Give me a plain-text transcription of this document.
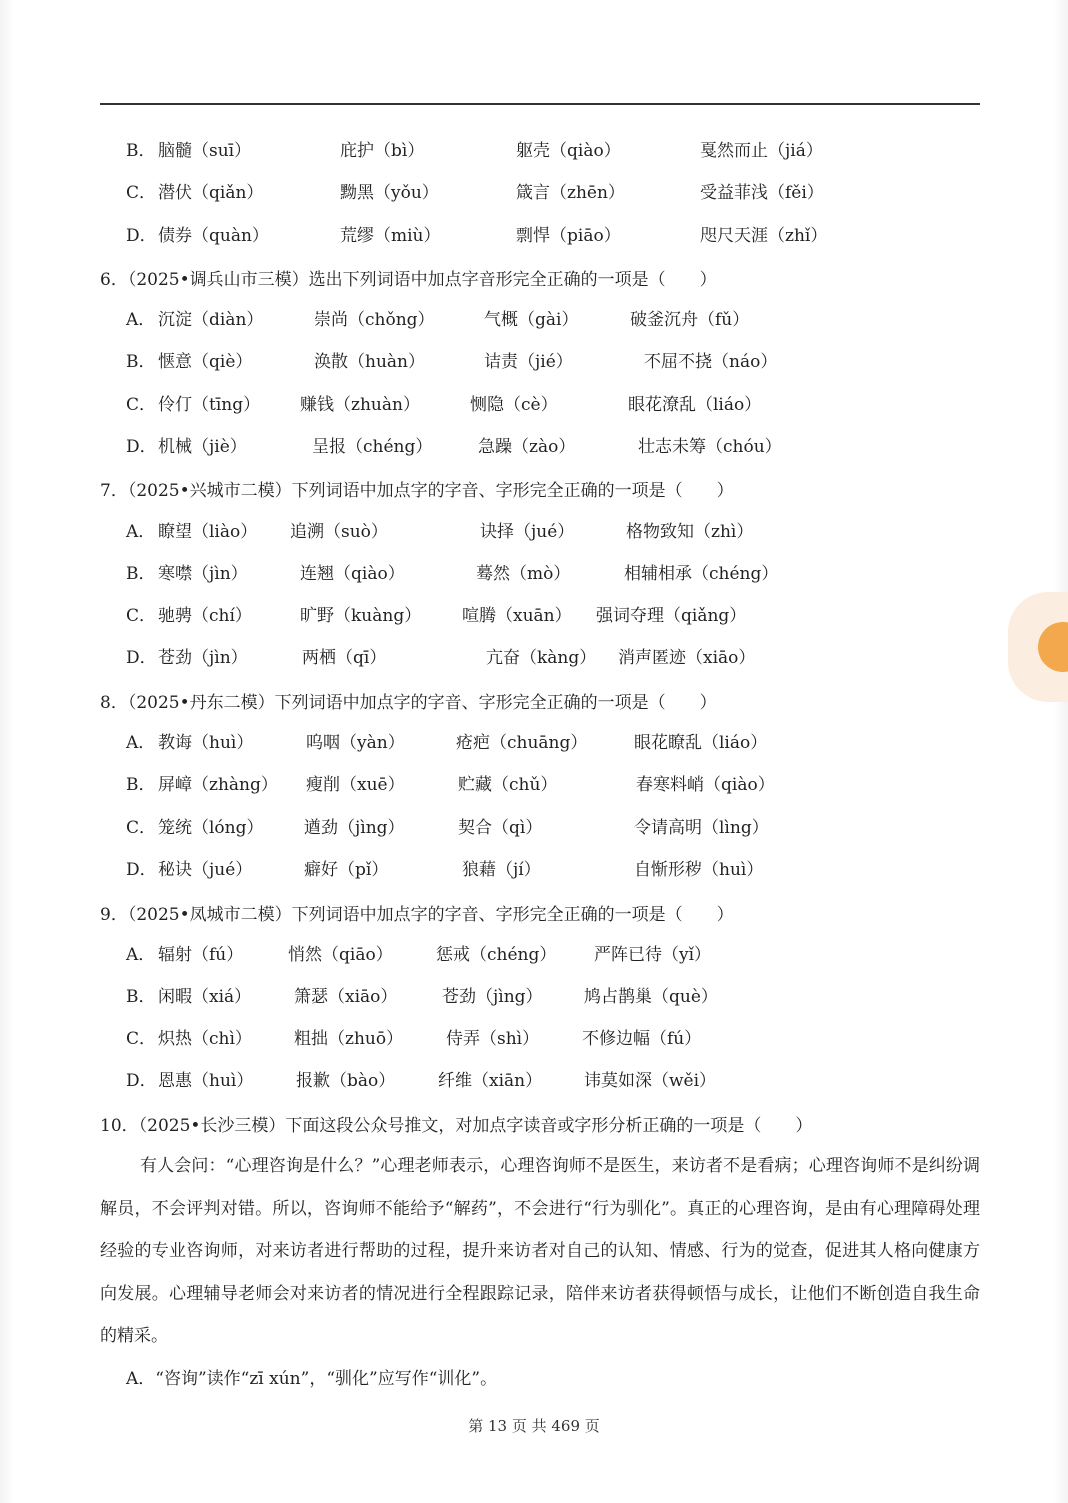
B． 脑髓（suī）	庇护（bì）	躯壳（qiào）	戛然而止（jiá）
C． 潜伏（qiǎn）	黝黑（yǒu）	箴言（zhēn）	受益菲浅（fěi）
D． 债券（quàn）	荒缪（miù）	剽悍（piāo）	咫尺天涯（zhǐ）
6．（2025•调兵山市三模）选出下列词语中加点字音形完全正确的一项是（　　）
A． 沉淀（diàn）	崇尚（chǒng）	气概（gài）	破釜沉舟（fǔ）
B． 惬意（qiè）	涣散（huàn）	诘责（jié）	不屈不挠（náo）
C． 伶仃（tīng） 赚钱（zhuàn）	恻隐（cè）	眼花潦乱（liáo）
D． 机械（jiè）	呈报（chéng）	急躁（zào）	壮志未筹（chóu）
7．（2025•兴城市二模）下列词语中加点字的字音、字形完全正确的一项是（　　）
A． 瞭望（liào） 追溯（suò）	诀择（jué）	格物致知（zhì）
B． 寒噤（jìn）	连翘（qiào）	蓦然（mò）	相辅相承（chéng）
C． 驰骋（chí）	旷野（kuàng） 喧腾（xuān） 强词夺理（qiǎng）
D． 苍劲（jìn）	两栖（qī）	亢奋（kàng） 消声匿迹（xiāo）
8．（2025•丹东二模）下列词语中加点字的字音、字形完全正确的一项是（　　）
A． 教诲（huì）	呜咽（yàn）	疮疤（chuāng）	眼花瞭乱（liáo）
B． 屏嶂（zhàng） 瘦削（xuē）	贮藏（chǔ）	春寒料峭（qiào）
C． 笼统（lóng） 遒劲（jìng）	契合（qì）	令请高明（lìng）
D． 秘诀（jué）	癖好（pǐ）	狼藉（jí）	自惭形秽（huì）
9．（2025•凤城市二模）下列词语中加点字的字音、字形完全正确的一项是（　　）
A． 辐射（fú）	悄然（qiāo）	惩戒（chéng） 严阵已待（yǐ）
B． 闲暇（xiá）	箫瑟（xiāo）	苍劲（jìng） 鸠占鹊巢（què）
C． 炽热（chì） 粗拙（zhuō）	侍弄（shì）	不修边幅（fú）
D． 恩惠（huì）	报歉（bào）	纤维（xiān） 讳莫如深（wěi）
10．（2025•长沙三模）下面这段公众号推文，对加点字读音或字形分析正确的一项是（　　）
有人会问：“心理咨询是什么？”心理老师表示，心理咨询师不是医生，来访者不是看病；心理咨询师不是纠纷调解员，不会评判对错。所以，咨询师不能给予“解药”，不会进行“行为驯化”。真正的心理咨询，是由有心理障碍处理经验的专业咨询师，对来访者进行帮助的过程，提升来访者对自己的认知、情感、行为的觉查，促进其人格向健康方向发展。心理辅导老师会对来访者的情况进行全程跟踪记录，陪伴来访者获得顿悟与成长，让他们不断创造自我生命的精采。
A．“咨询”读作“zī xún”，“驯化”应写作“训化”。
第 13 页 共 469 页
